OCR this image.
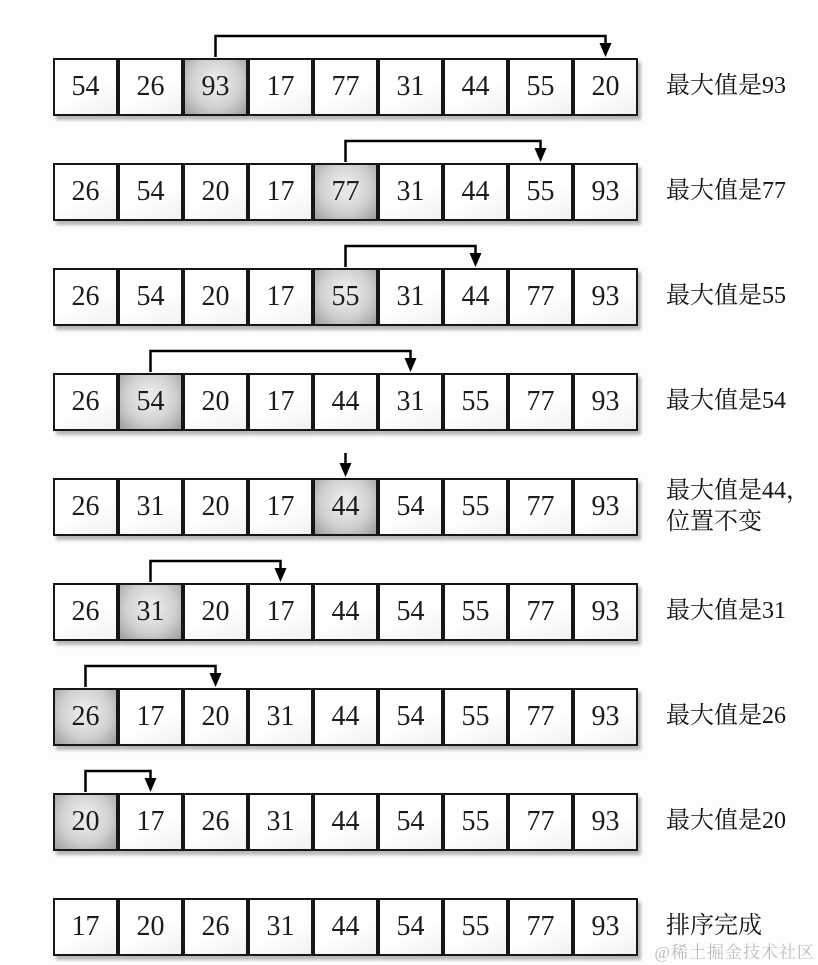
54 26 93 17 77 31 44 55 20 最大值是93
26 54 20 17 77 31 44 55 93 最大值是77
26 54 20 17 55 31 44 77 93 最大值是55
26 54 20 17 44 31 55 77 93 最大值是54
26 31 20 17 44 54 55 77 93
最大值是44，
位置不变
26 31 20 17 44 54 55 77 93 最大值是31
26 17 20 31 44 54 55 77 93 最大值是26
20 17 26 31 44 54 55 77 93 最大值是20
17 20 26 31 44 54 55 77 93 排序完成
@稀土掘金技术社区
